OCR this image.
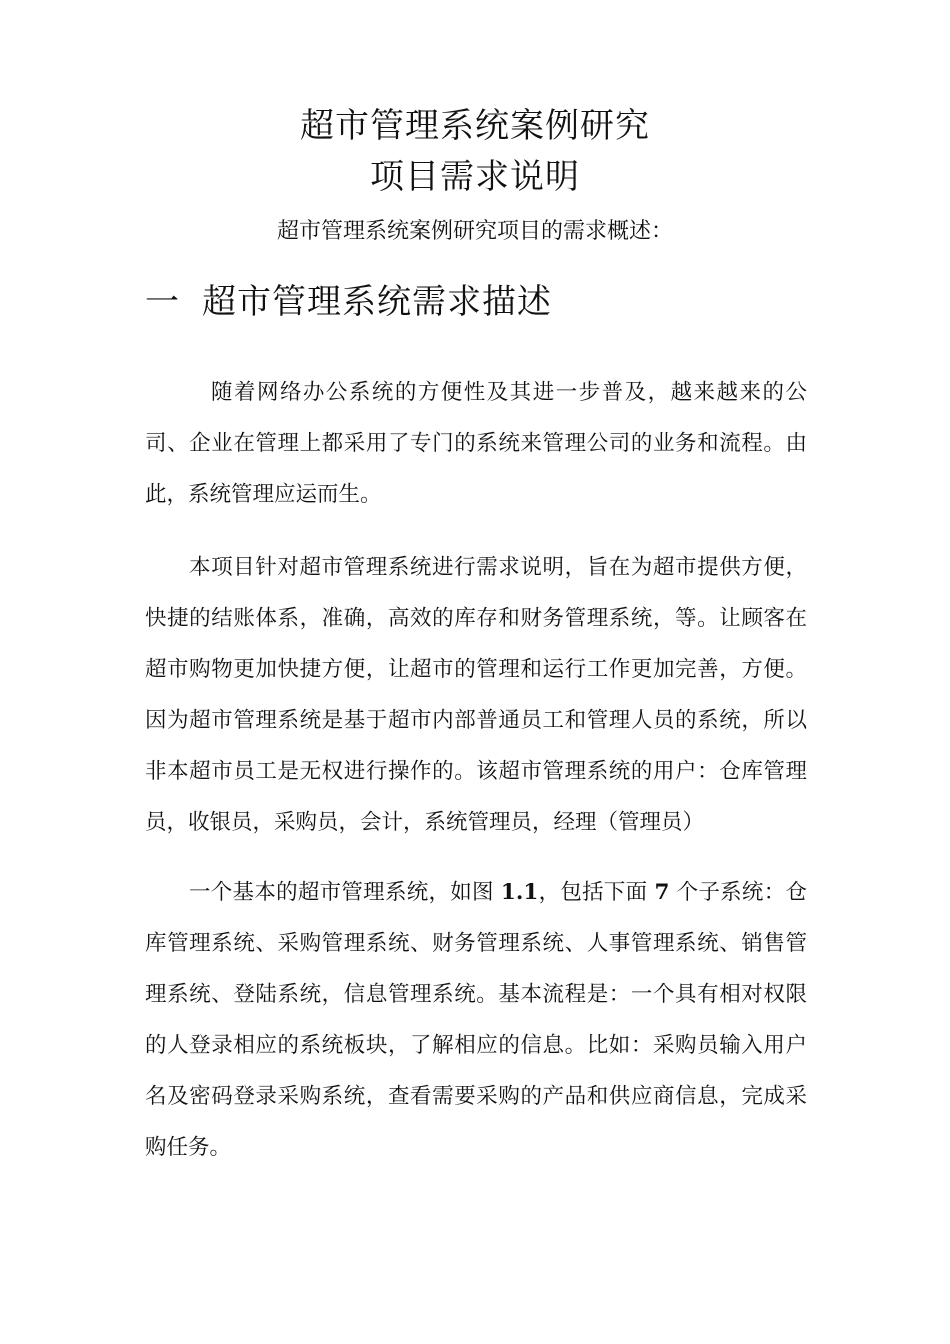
超市管理系统案例研究
项目需求说明
超市管理系统案例研究项目的需求概述：
一 超市管理系统需求描述

随着网络办公系统的方便性及其进一步普及，越来越来的公司、企业在管理上都采用了专门的系统来管理公司的业务和流程。由此，系统管理应运而生。

本项目针对超市管理系统进行需求说明，旨在为超市提供方便，快捷的结账体系，准确，高效的库存和财务管理系统，等。让顾客在超市购物更加快捷方便，让超市的管理和运行工作更加完善，方便。因为超市管理系统是基于超市内部普通员工和管理人员的系统，所以非本超市员工是无权进行操作的。该超市管理系统的用户：仓库管理员，收银员，采购员，会计，系统管理员，经理（管理员）

一个基本的超市管理系统，如图 1.1，包括下面 7 个子系统：仓库管理系统、采购管理系统、财务管理系统、人事管理系统、销售管理系统、登陆系统，信息管理系统。基本流程是：一个具有相对权限的人登录相应的系统板块，了解相应的信息。比如：采购员输入用户名及密码登录采购系统，查看需要采购的产品和供应商信息，完成采购任务。
